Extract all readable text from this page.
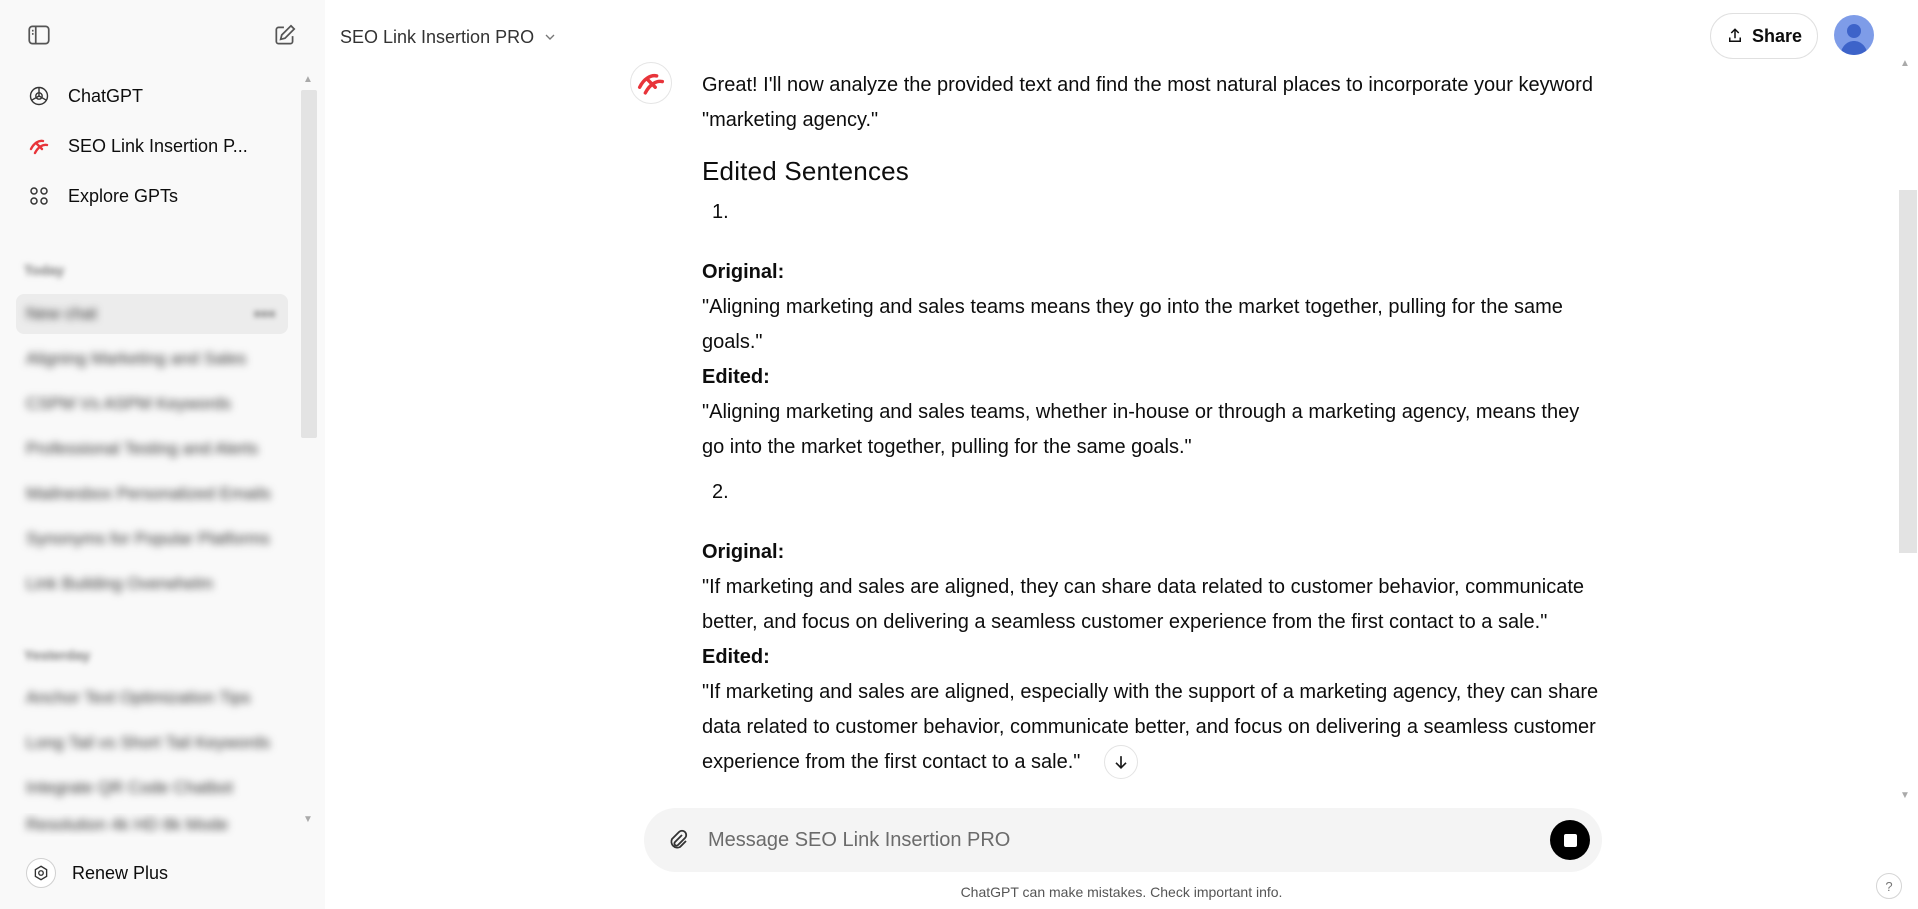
ChatGPT
SEO Link Insertion P...
Explore GPTs
Today
New chat	•••
Aligning Marketing and Sales
CSPM Vs ASPM Keywords
Professional Testing and Alerts
Mailnesbox Personalized Emails
Synonyms for Popular Platforms
Link Building Overwhelm
Yesterday
Anchor Text Optimization Tips
Long Tail vs Short Tail Keywords
Integrate QR Code Chatbot
Resolution 4k HD 8k Mode
▲
▼
Renew Plus
SEO Link Insertion PRO	Share

Great! I'll now analyze the provided text and find the most natural places to incorporate your keyword "marketing agency."

Edited Sentences
1.

Original:

"Aligning marketing and sales teams means they go into the market together, pulling for the same goals."

Edited:

"Aligning marketing and sales teams, whether in-house or through a marketing agency, means they go into the market together, pulling for the same goals."

2.

Original:

"If marketing and sales are aligned, they can share data related to customer behavior, communicate better, and focus on delivering a seamless customer experience from the first contact to a sale."

Edited:

"If marketing and sales are aligned, especially with the support of a marketing agency, they can share data related to customer behavior, communicate better, and focus on delivering a seamless customer experience from the first contact to a sale."

▲
▼
Message SEO Link Insertion PRO
ChatGPT can make mistakes. Check important info.	?
